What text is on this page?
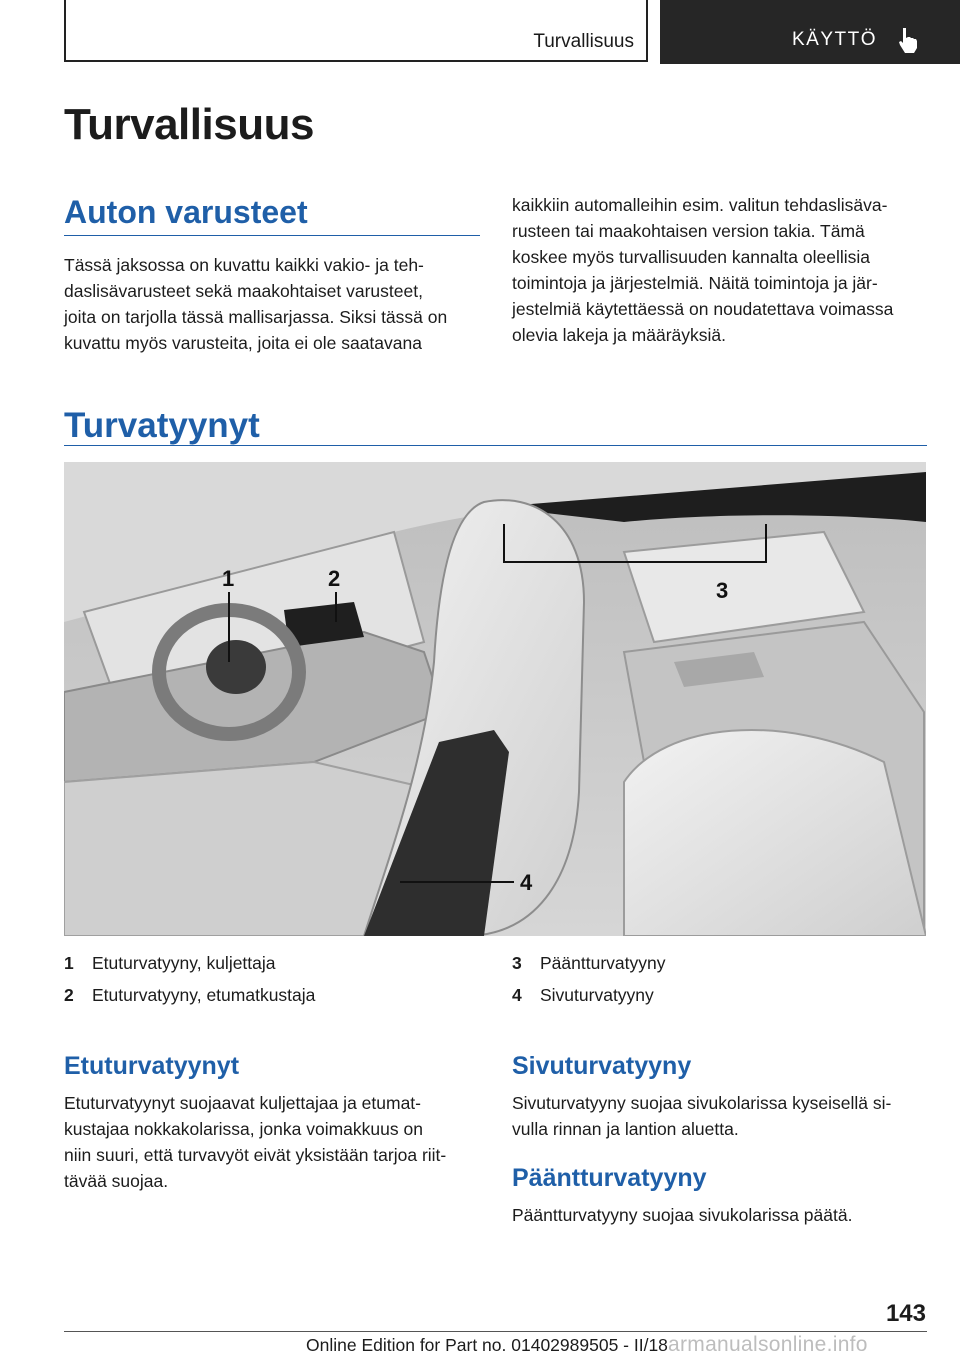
Turvallisuus	KÄYTTÖ
Turvallisuus
Auton varusteet

Tässä jaksossa on kuvattu kaikki vakio- ja teh-
daslisävarusteet sekä maakohtaiset varusteet,
joita on tarjolla tässä mallisarjassa. Siksi tässä on
kuvattu myös varusteita, joita ei ole saatavana

kaikkiin automalleihin esim. valitun tehdaslisäva-
rusteen tai maakohtaisen version takia. Tämä
koskee myös turvallisuuden kannalta oleellisia
toimintoja ja järjestelmiä. Näitä toimintoja ja jär-
jestelmiä käytettäessä on noudatettava voimassa
olevia lakeja ja määräyksiä.

Turvatyynyt
1	2	3
4
1 Etuturvatyyny, kuljettaja
2 Etuturvatyyny, etumatkustaja
3 Pääntturvatyyny
4 Sivuturvatyyny
Etuturvatyynyt

Etuturvatyynyt suojaavat kuljettajaa ja etumat-
kustajaa nokkakolarissa, jonka voimakkuus on
niin suuri, että turvavyöt eivät yksistään tarjoa riit-
tävää suojaa.

Sivuturvatyyny

Sivuturvatyyny suojaa sivukolarissa kyseisellä si-
vulla rinnan ja lantion aluetta.

Pääntturvatyyny

Pääntturvatyyny suojaa sivukolarissa päätä.

143
Online Edition for Part no. 01402989505 - II/18 armanualsonline.info
